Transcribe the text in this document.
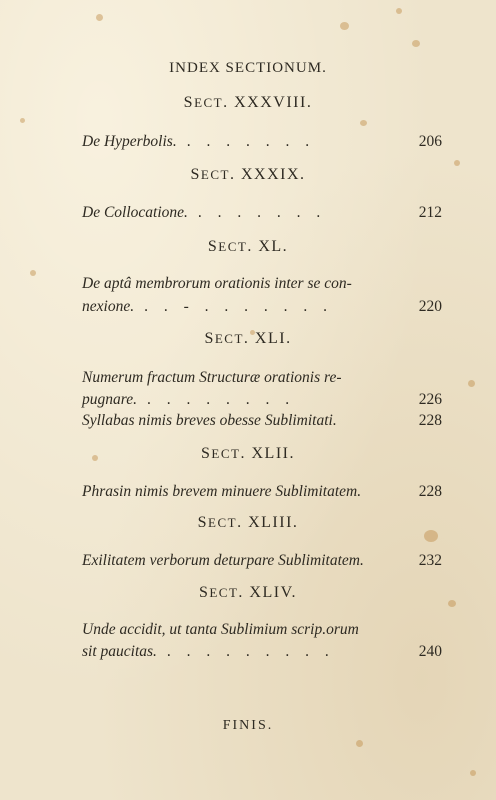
INDEX SECTIONUM.
SECT. XXXVIII.
De Hyperbolis. . . . . . . .	206
SECT. XXXIX.
De Collocatione. . . . . . . .	212
SECT. XL.
De aptâ membrorum orationis inter se con-
nexione. . . - . . . . . . .	220
SECT. XLI.
Numerum fractum Structuræ orationis re-
pugnare. . . . . . . . .	226
Syllabas nimis breves obesse Sublimitati.	228
SECT. XLII.
Phrasin nimis brevem minuere Sublimitatem.	228
SECT. XLIII.
Exilitatem verborum deturpare Sublimitatem.	232
SECT. XLIV.
Unde accidit, ut tanta Sublimium scrip.orum
sit paucitas. . . . . . . . . .	240
FINIS.
